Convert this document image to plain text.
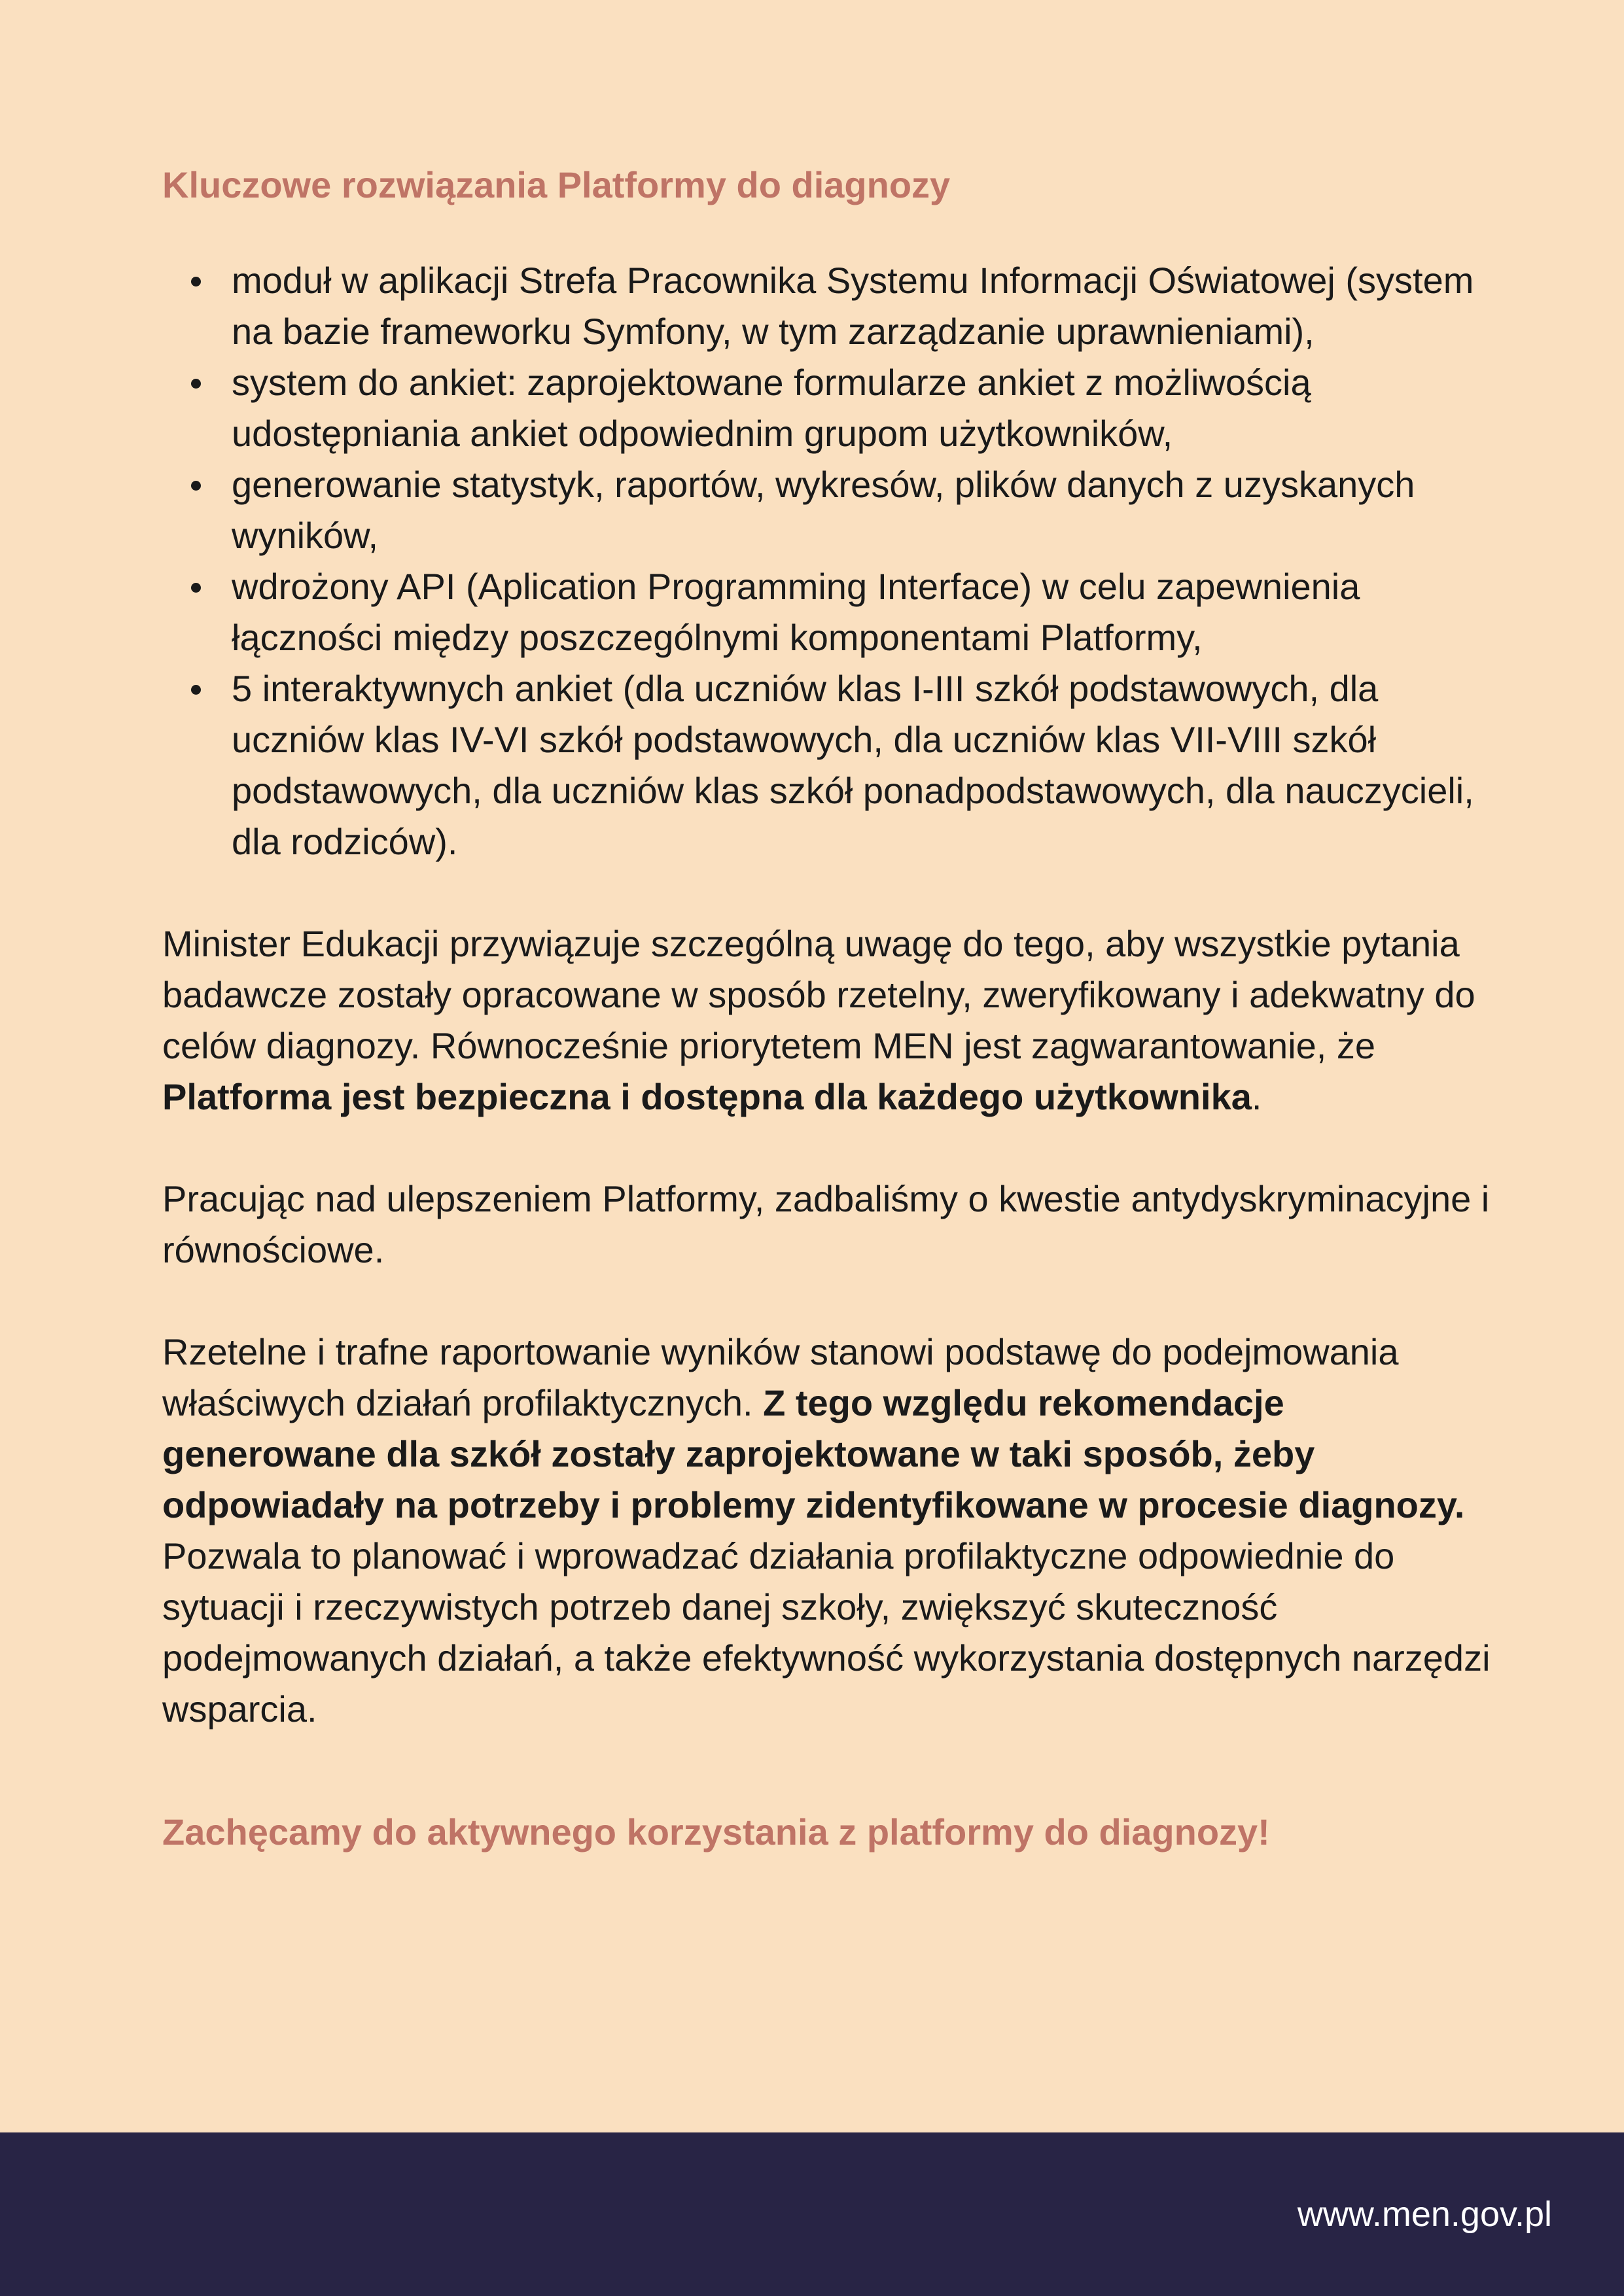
Kluczowe rozwiązania Platformy do diagnozy
moduł w aplikacji Strefa Pracownika Systemu Informacji Oświatowej (system na bazie frameworku Symfony, w tym zarządzanie uprawnieniami),
system do ankiet: zaprojektowane formularze ankiet z możliwością udostępniania ankiet odpowiednim grupom użytkowników,
generowanie statystyk, raportów, wykresów, plików danych z uzyskanych wyników,
wdrożony API (Aplication Programming Interface) w celu zapewnienia łączności między poszczególnymi komponentami Platformy,
5 interaktywnych ankiet (dla uczniów klas I-III szkół podstawowych, dla uczniów klas IV-VI szkół podstawowych, dla uczniów klas VII-VIII szkół podstawowych, dla uczniów klas szkół ponadpodstawowych, dla nauczycieli, dla rodziców).

Minister Edukacji przywiązuje szczególną uwagę do tego, aby wszystkie pytania badawcze zostały opracowane w sposób rzetelny, zweryfikowany i adekwatny do celów diagnozy. Równocześnie priorytetem MEN jest zagwarantowanie, że Platforma jest bezpieczna i dostępna dla każdego użytkownika.

Pracując nad ulepszeniem Platformy, zadbaliśmy o kwestie antydyskryminacyjne i równościowe.

Rzetelne i trafne raportowanie wyników stanowi podstawę do podejmowania właściwych działań profilaktycznych. Z tego względu rekomendacje generowane dla szkół zostały zaprojektowane w taki sposób, żeby odpowiadały na potrzeby i problemy zidentyfikowane w procesie diagnozy. Pozwala to planować i wprowadzać działania profilaktyczne odpowiednie do sytuacji i rzeczywistych potrzeb danej szkoły, zwiększyć skuteczność podejmowanych działań, a także efektywność wykorzystania dostępnych narzędzi wsparcia.

Zachęcamy do aktywnego korzystania z platformy do diagnozy!

www.men.gov.pl
